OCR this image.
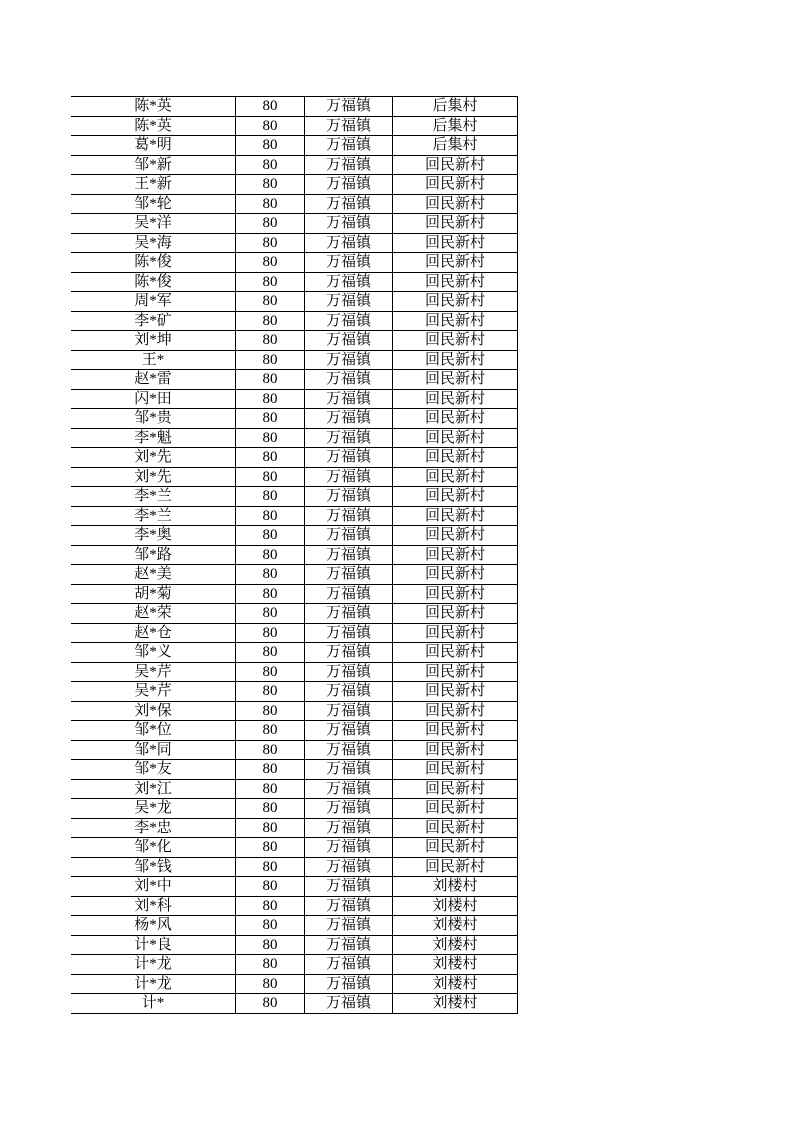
陈*英	80	万福镇	后集村
陈*英	80	万福镇	后集村
葛*明	80	万福镇	后集村
邹*新	80	万福镇	回民新村
王*新	80	万福镇	回民新村
邹*轮	80	万福镇	回民新村
吴*洋	80	万福镇	回民新村
吴*海	80	万福镇	回民新村
陈*俊	80	万福镇	回民新村
陈*俊	80	万福镇	回民新村
周*军	80	万福镇	回民新村
李*矿	80	万福镇	回民新村
刘*坤	80	万福镇	回民新村
王*	80	万福镇	回民新村
赵*雷	80	万福镇	回民新村
闪*田	80	万福镇	回民新村
邹*贵	80	万福镇	回民新村
李*魁	80	万福镇	回民新村
刘*先	80	万福镇	回民新村
刘*先	80	万福镇	回民新村
李*兰	80	万福镇	回民新村
李*兰	80	万福镇	回民新村
李*奥	80	万福镇	回民新村
邹*路	80	万福镇	回民新村
赵*美	80	万福镇	回民新村
胡*菊	80	万福镇	回民新村
赵*荣	80	万福镇	回民新村
赵*仓	80	万福镇	回民新村
邹*义	80	万福镇	回民新村
吴*芹	80	万福镇	回民新村
吴*芹	80	万福镇	回民新村
刘*保	80	万福镇	回民新村
邹*位	80	万福镇	回民新村
邹*同	80	万福镇	回民新村
邹*友	80	万福镇	回民新村
刘*江	80	万福镇	回民新村
吴*龙	80	万福镇	回民新村
李*忠	80	万福镇	回民新村
邹*化	80	万福镇	回民新村
邹*钱	80	万福镇	回民新村
刘*中	80	万福镇	刘楼村
刘*科	80	万福镇	刘楼村
杨*风	80	万福镇	刘楼村
计*良	80	万福镇	刘楼村
计*龙	80	万福镇	刘楼村
计*龙	80	万福镇	刘楼村
计*	80	万福镇	刘楼村
